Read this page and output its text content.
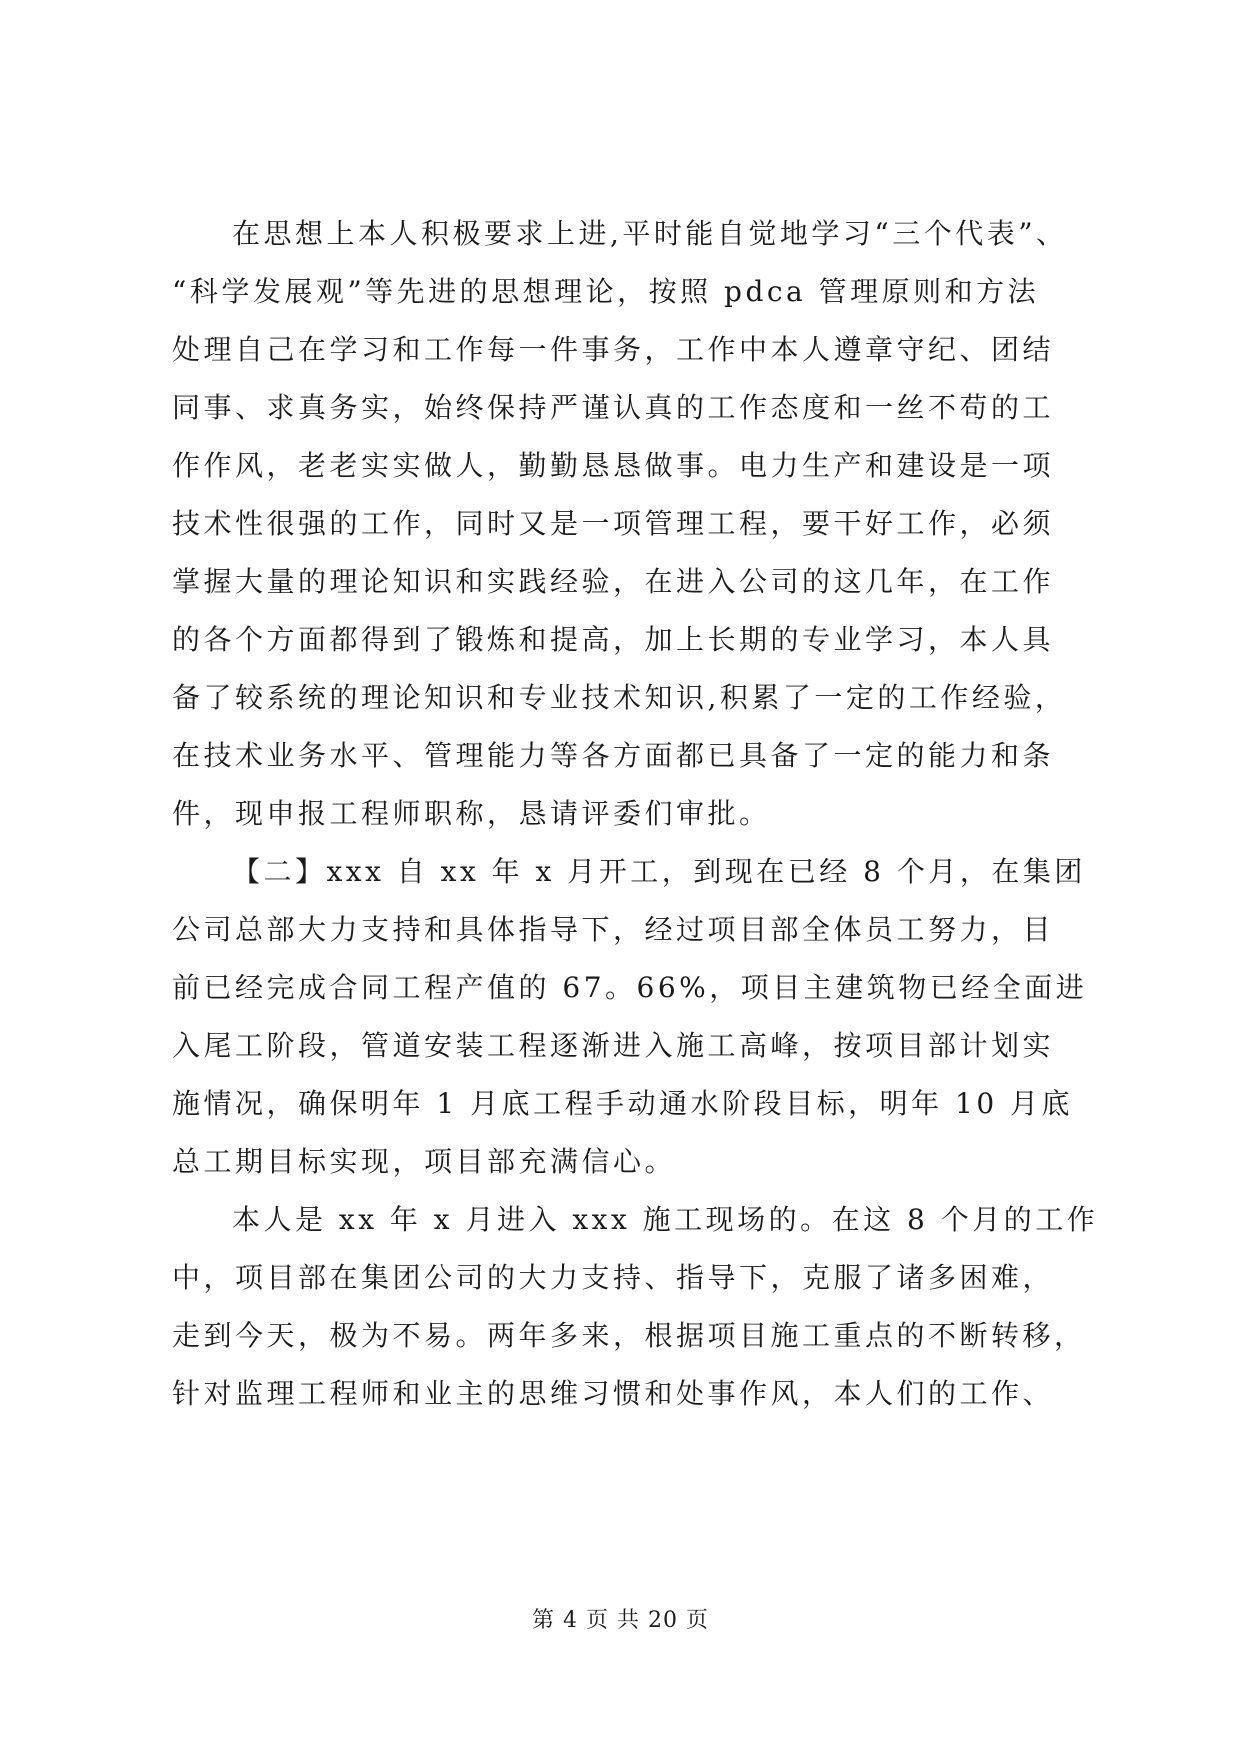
在思想上本人积极要求上进,平时能自觉地学习“三个代表”、
“科学发展观”等先进的思想理论，按照 pdca 管理原则和方法
处理自己在学习和工作每一件事务，工作中本人遵章守纪、团结
同事、求真务实，始终保持严谨认真的工作态度和一丝不苟的工
作作风，老老实实做人，勤勤恳恳做事。电力生产和建设是一项
技术性很强的工作，同时又是一项管理工程，要干好工作，必须
掌握大量的理论知识和实践经验，在进入公司的这几年，在工作
的各个方面都得到了锻炼和提高，加上长期的专业学习，本人具
备了较系统的理论知识和专业技术知识,积累了一定的工作经验，
在技术业务水平、管理能力等各方面都已具备了一定的能力和条
件，现申报工程师职称，恳请评委们审批。
【二】xxx 自 xx 年 x 月开工，到现在已经 8 个月，在集团
公司总部大力支持和具体指导下，经过项目部全体员工努力，目
前已经完成合同工程产值的 67。66%，项目主建筑物已经全面进
入尾工阶段，管道安装工程逐渐进入施工高峰，按项目部计划实
施情况，确保明年 1 月底工程手动通水阶段目标，明年 10 月底
总工期目标实现，项目部充满信心。
本人是 xx 年 x 月进入 xxx 施工现场的。在这 8 个月的工作
中，项目部在集团公司的大力支持、指导下，克服了诸多困难，
走到今天，极为不易。两年多来，根据项目施工重点的不断转移，
针对监理工程师和业主的思维习惯和处事作风，本人们的工作、
第 4 页 共 20 页
